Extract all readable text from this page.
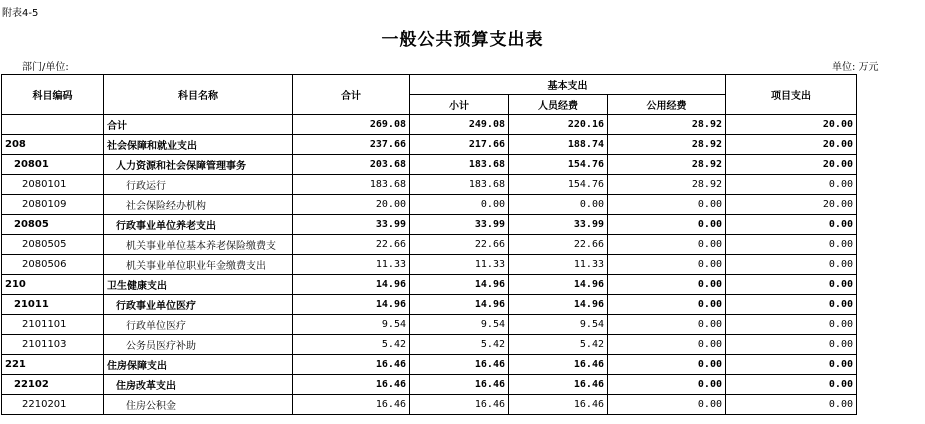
附表4-5
一般公共预算支出表
部门/单位:	单位: 万元
科目编码	科目名称	合计	基本支出			项目支出
			小计	人员经费	公用经费	
	合计	269.08	249.08	220.16	28.92	20.00
208	社会保障和就业支出	237.66	217.66	188.74	28.92	20.00
20801	人力资源和社会保障管理事务	203.68	183.68	154.76	28.92	20.00
2080101	行政运行	183.68	183.68	154.76	28.92	0.00
2080109	社会保险经办机构	20.00	0.00	0.00	0.00	20.00
20805	行政事业单位养老支出	33.99	33.99	33.99	0.00	0.00
2080505	机关事业单位基本养老保险缴费支	22.66	22.66	22.66	0.00	0.00
2080506	机关事业单位职业年金缴费支出	11.33	11.33	11.33	0.00	0.00
210	卫生健康支出	14.96	14.96	14.96	0.00	0.00
21011	行政事业单位医疗	14.96	14.96	14.96	0.00	0.00
2101101	行政单位医疗	9.54	9.54	9.54	0.00	0.00
2101103	公务员医疗补助	5.42	5.42	5.42	0.00	0.00
221	住房保障支出	16.46	16.46	16.46	0.00	0.00
22102	住房改革支出	16.46	16.46	16.46	0.00	0.00
2210201	住房公积金	16.46	16.46	16.46	0.00	0.00
